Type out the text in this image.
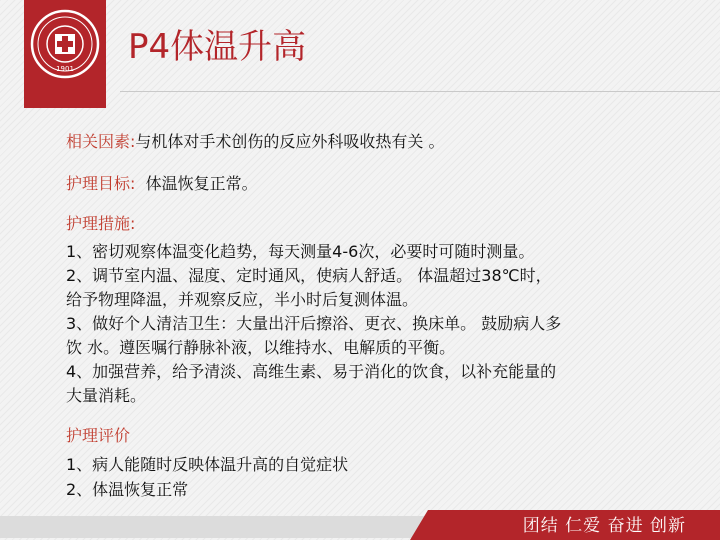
1901
P4体温升高
相关因素:与机体对手术创伤的反应外科吸收热有关 。
护理目标: 体温恢复正常。
护理措施:
1、密切观察体温变化趋势，每天测量4-6次，必要时可随时测量。
2、调节室内温、湿度、定时通风，使病人舒适。 体温超过38℃时，
给予物理降温，并观察反应，半小时后复测体温。
3、做好个人清洁卫生：大量出汗后擦浴、更衣、换床单。 鼓励病人多
饮 水。遵医嘱行静脉补液，以维持水、电解质的平衡。
4、加强营养，给予清淡、高维生素、易于消化的饮食，以补充能量的
大量消耗。
护理评价
1、病人能随时反映体温升高的自觉症状
2、体温恢复正常
团结 仁爱 奋进 创新
